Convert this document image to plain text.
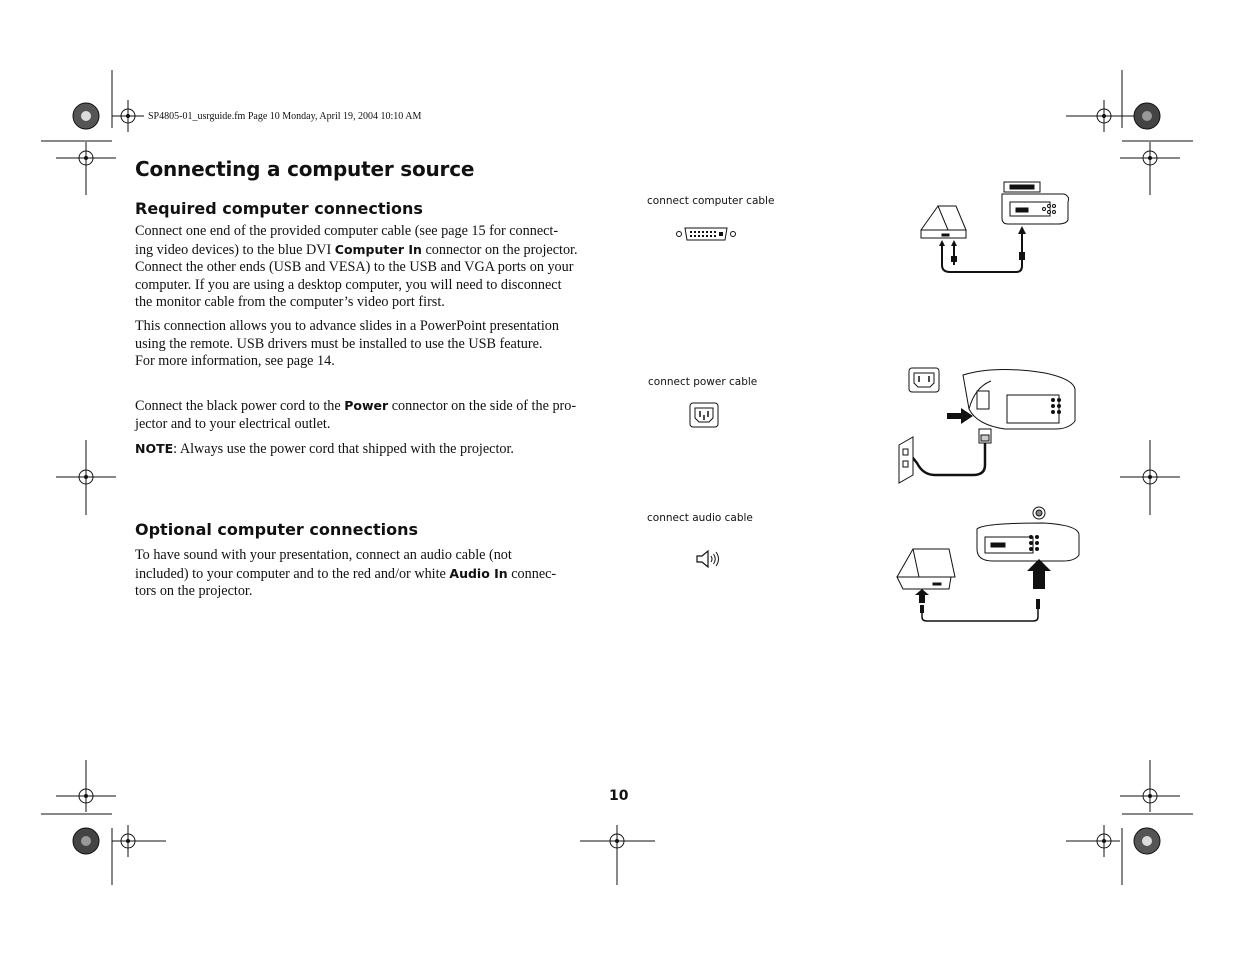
SP4805-01_usrguide.fm Page 10 Monday, April 19, 2004 10:10 AM
Connecting a computer source
Required computer connections
Connect one end of the provided computer cable (see page 15 for connect-
ing video devices) to the blue DVI Computer In connector on the projector.
Connect the other ends (USB and VESA) to the USB and VGA ports on your
computer. If you are using a desktop computer, you will need to disconnect
the monitor cable from the computer’s video port first.
This connection allows you to advance slides in a PowerPoint presentation
using the remote. USB drivers must be installed to use the USB feature.
For more information, see page 14.
Connect the black power cord to the Power connector on the side of the pro-
jector and to your electrical outlet.
NOTE: Always use the power cord that shipped with the projector.
Optional computer connections
To have sound with your presentation, connect an audio cable (not
included) to your computer and to the red and/or white Audio In connec-
tors on the projector.
connect computer cable
connect power cable
connect audio cable
10
